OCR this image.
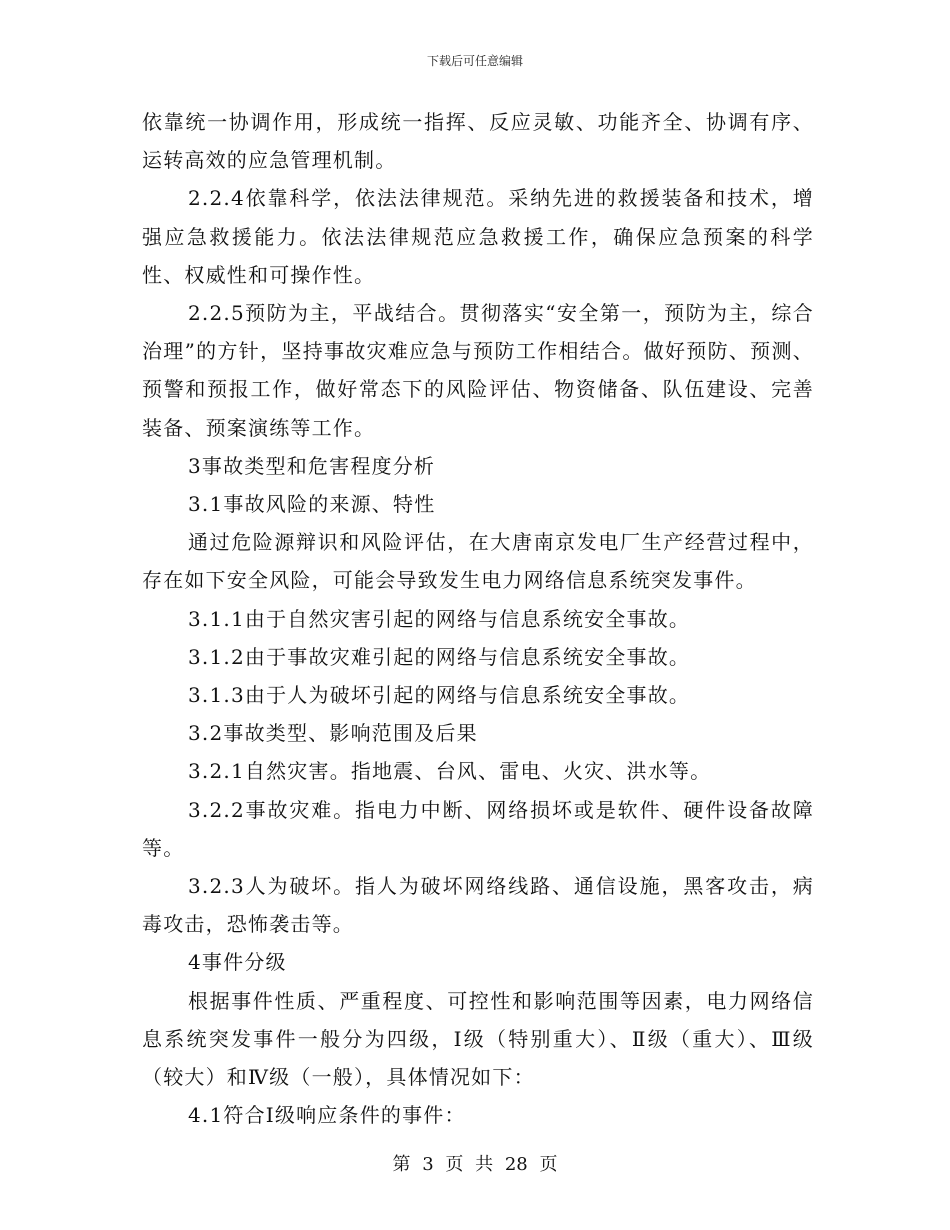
下载后可任意编辑

依靠统一协调作用，形成统一指挥、反应灵敏、功能齐全、协调有序、运转高效的应急管理机制。

2.2.4依靠科学，依法法律规范。采纳先进的救援装备和技术，增强应急救援能力。依法法律规范应急救援工作，确保应急预案的科学性、权威性和可操作性。

2.2.5预防为主，平战结合。贯彻落实“安全第一，预防为主，综合治理”的方针，坚持事故灾难应急与预防工作相结合。做好预防、预测、预警和预报工作，做好常态下的风险评估、物资储备、队伍建设、完善装备、预案演练等工作。

3事故类型和危害程度分析

3.1事故风险的来源、特性

通过危险源辩识和风险评估，在大唐南京发电厂生产经营过程中，存在如下安全风险，可能会导致发生电力网络信息系统突发事件。

3.1.1由于自然灾害引起的网络与信息系统安全事故。

3.1.2由于事故灾难引起的网络与信息系统安全事故。

3.1.3由于人为破坏引起的网络与信息系统安全事故。

3.2事故类型、影响范围及后果

3.2.1自然灾害。指地震、台风、雷电、火灾、洪水等。

3.2.2事故灾难。指电力中断、网络损坏或是软件、硬件设备故障等。

3.2.3人为破坏。指人为破坏网络线路、通信设施，黑客攻击，病毒攻击，恐怖袭击等。

4事件分级

根据事件性质、严重程度、可控性和影响范围等因素，电力网络信息系统突发事件一般分为四级，Ⅰ级（特别重大）、Ⅱ级（重大）、Ⅲ级（较大）和Ⅳ级（一般），具体情况如下：

4.1符合Ⅰ级响应条件的事件：

第 3 页 共 28 页
